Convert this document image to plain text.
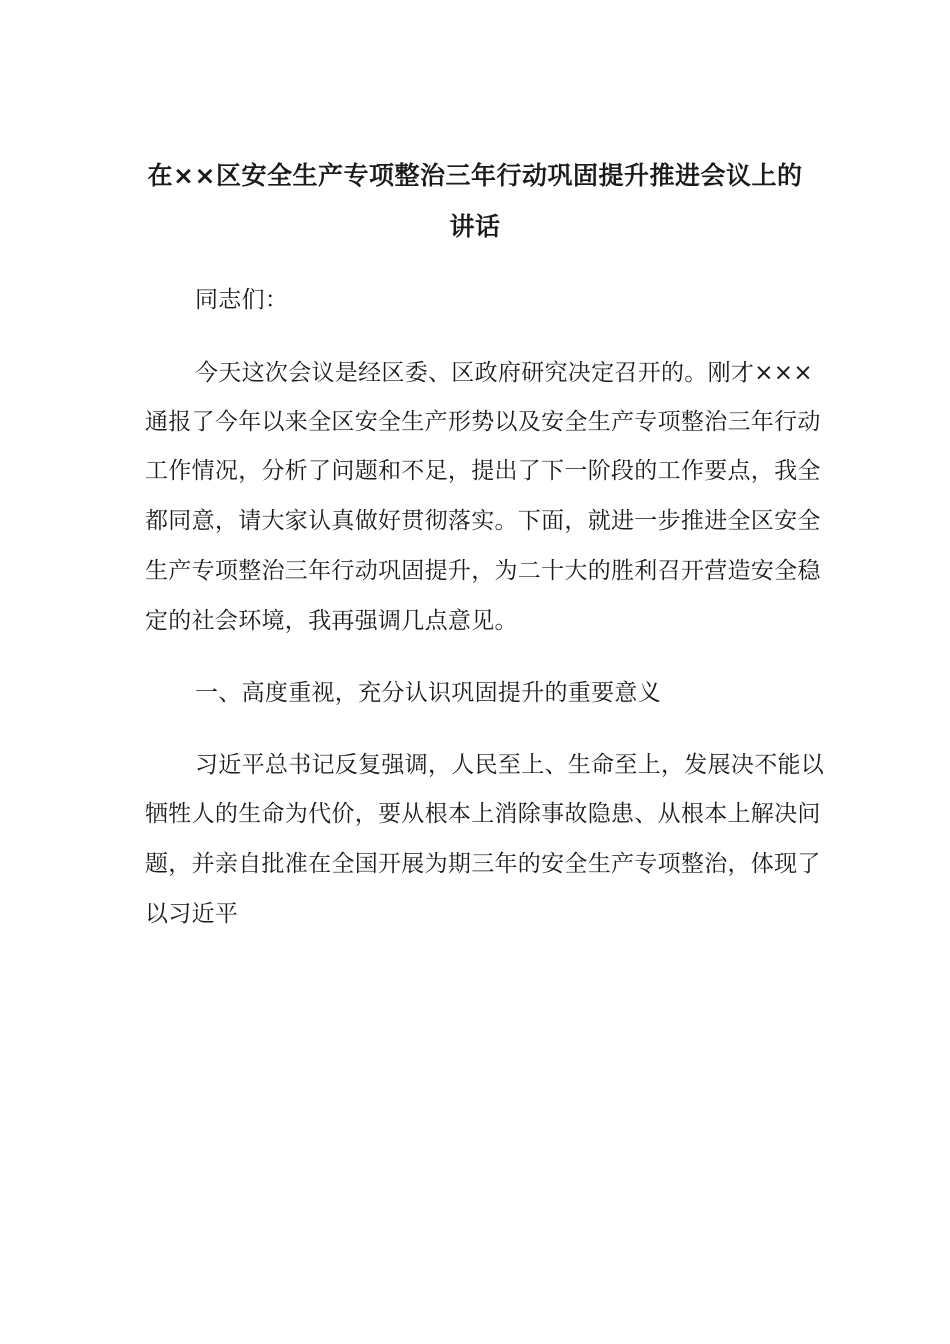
在××区安全生产专项整治三年行动巩固提升推进会议上的
讲话
同志们：
今天这次会议是经区委、区政府研究决定召开的。刚才×××
通报了今年以来全区安全生产形势以及安全生产专项整治三年行动
工作情况，分析了问题和不足，提出了下一阶段的工作要点，我全
都同意，请大家认真做好贯彻落实。下面，就进一步推进全区安全
生产专项整治三年行动巩固提升，为二十大的胜利召开营造安全稳
定的社会环境，我再强调几点意见。
一、高度重视，充分认识巩固提升的重要意义
习近平总书记反复强调，人民至上、生命至上，发展决不能以
牺牲人的生命为代价，要从根本上消除事故隐患、从根本上解决问
题，并亲自批准在全国开展为期三年的安全生产专项整治，体现了
以习近平
